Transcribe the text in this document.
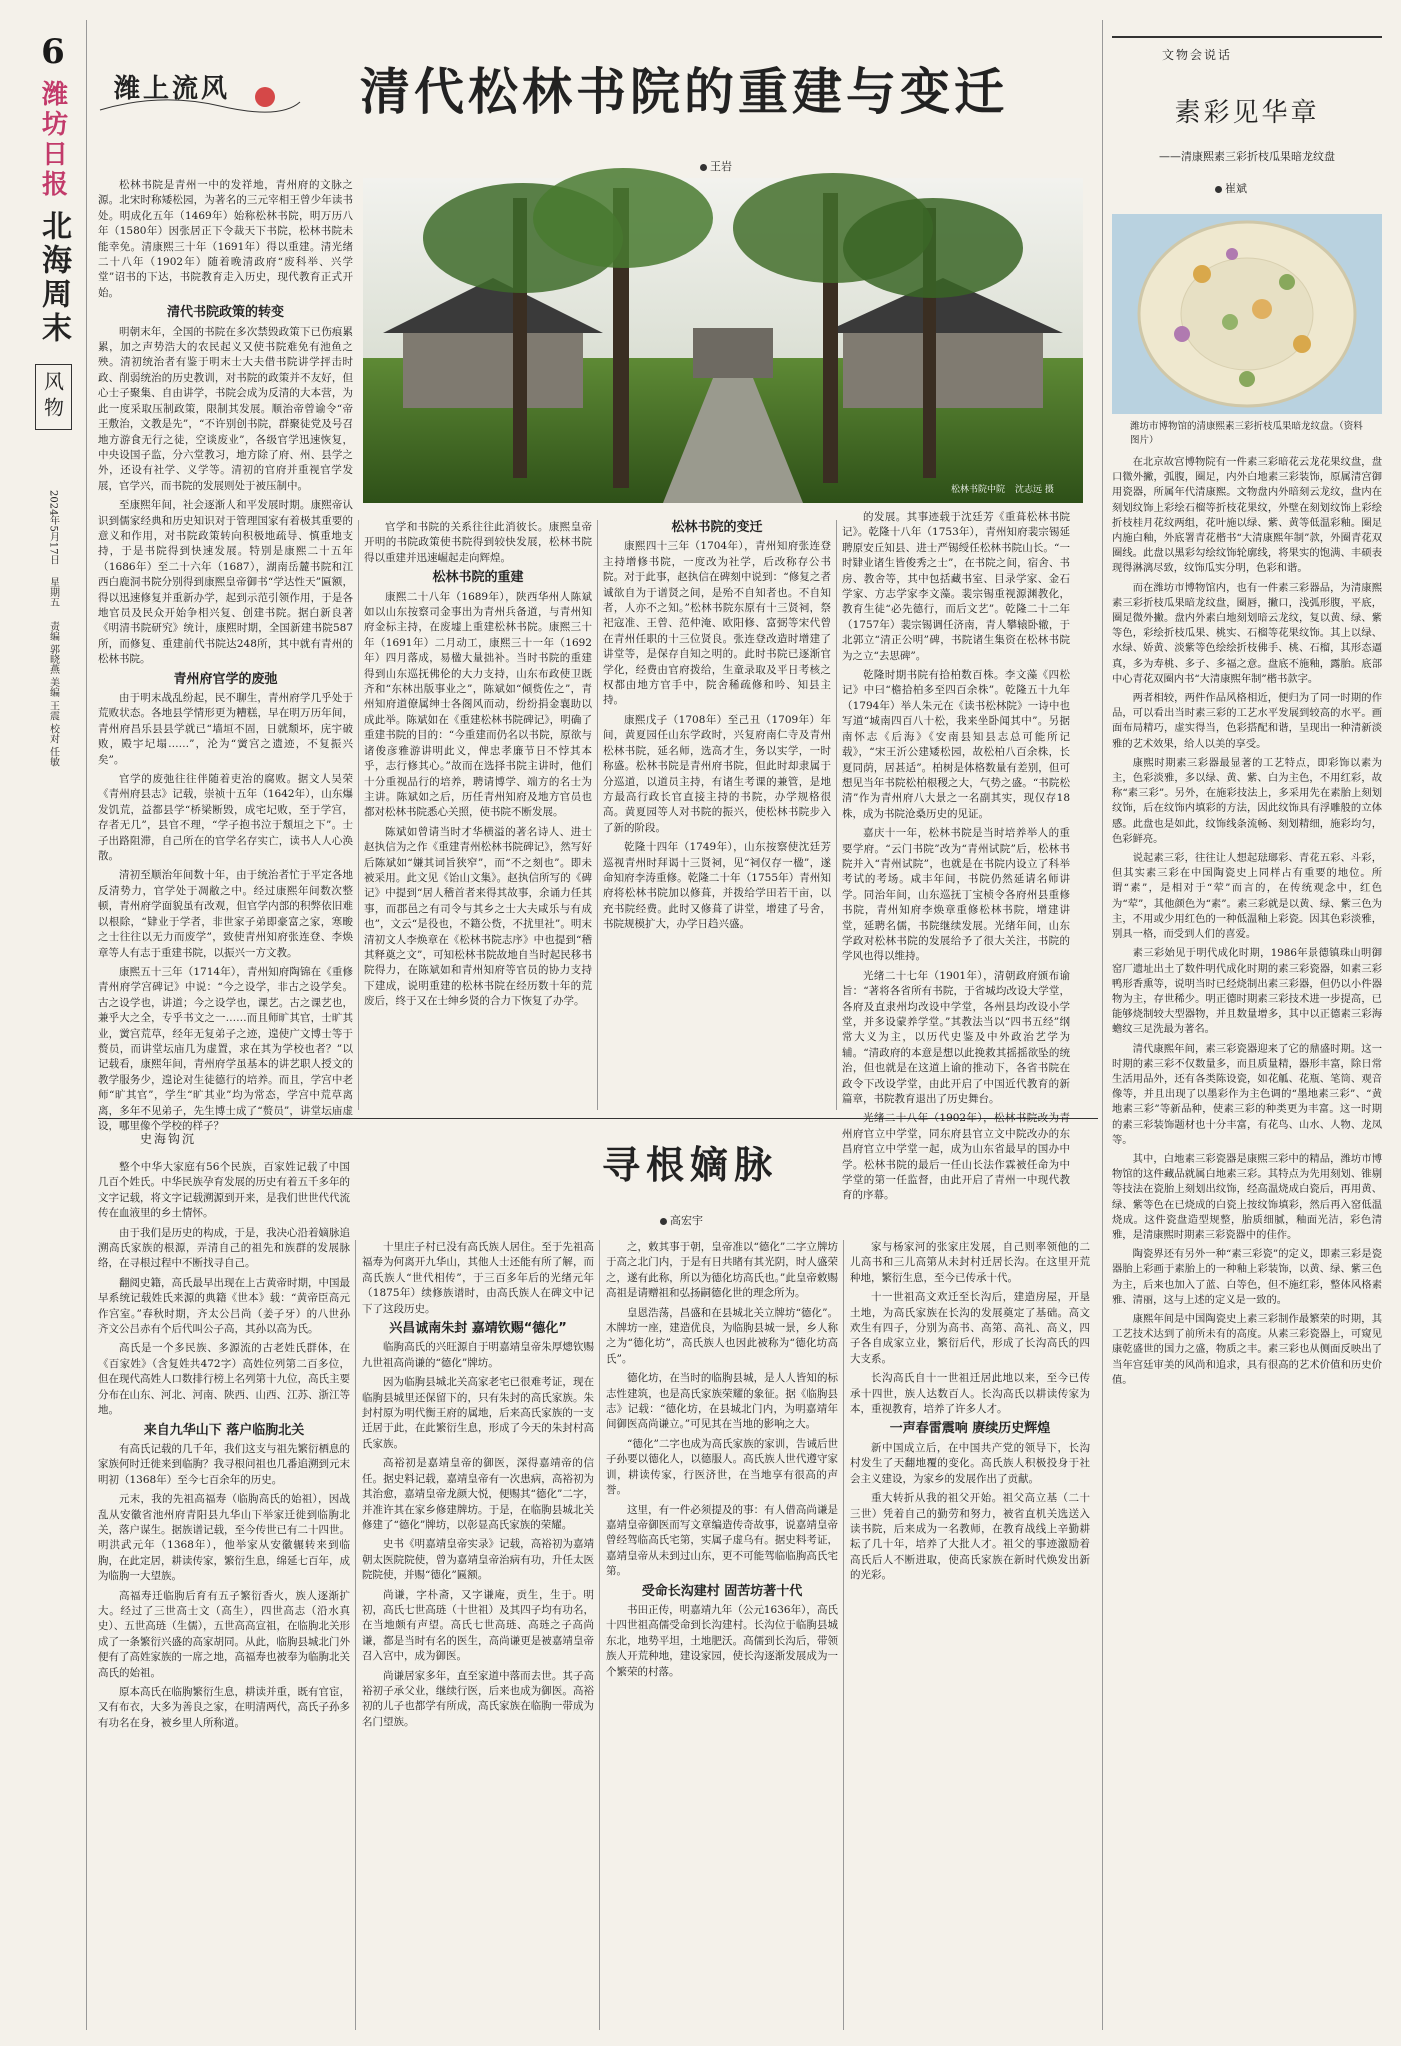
6
潍坊日报
北海周末
风物
2024年5月17日
星期五
责编 郭晓燕 美编 王震 校对 任敏
潍上流风	清代松林书院的重建与变迁
王岩
松林书院中院 沈志远 摄

松林书院是青州一中的发祥地，青州府的文脉之源。北宋时称矮松园，为著名的三元宰相王曾少年读书处。明成化五年（1469年）始称松林书院，明万历八年（1580年）因张居正下令裁天下书院，松林书院未能幸免。清康熙三十年（1691年）得以重建。清光绪二十八年（1902年）随着晚清政府“废科举、兴学堂”诏书的下达，书院教育走入历史，现代教育正式开始。

清代书院政策的转变

明朝末年，全国的书院在多次禁毁政策下已伤痕累累，加之声势浩大的农民起义又使书院难免有池鱼之殃。清初统治者有鉴于明末士大夫借书院讲学抨击时政、削弱统治的历史教训，对书院的政策并不友好，但心士子聚集、自由讲学，书院会成为反清的大本营，为此一度采取压制政策，限制其发展。顺治帝曾谕令“帝王敷治，文教是先”，“不许别创书院，群聚徒党及号召地方游食无行之徒，空谈废业”，各级官学迅速恢复，中央设国子监，分六堂教习，地方除了府、州、县学之外，还设有社学、义学等。清初的官府并重视官学发展，官学兴，而书院的发展则处于被压制中。

至康熙年间，社会逐渐人和平发展时期。康熙帝认识到儒家经典和历史知识对于管理国家有着极其重要的意义和作用，对书院政策转向积极地疏导、慎重地支持，于是书院得到快速发展。特别是康熙二十五年（1686年）至二十六年（1687），湖南岳麓书院和江西白鹿洞书院分别得到康熙皇帝御书“学达性天”匾额，得以迅速修复并重新办学，起到示范引领作用，于是各地官员及民众开始争相兴复、创建书院。据白新良著《明清书院研究》统计，康熙时期，全国新建书院587所，而修复、重建前代书院达248所，其中就有青州的松林书院。

青州府官学的废弛

由于明末战乱纷起，民不聊生，青州府学几乎处于荒败状态。各地县学情形更为糟糕，早在明万历年间，青州府昌乐县县学就已“墙垣不固，日就颓坏，庑宇破败，殿宇圮塌……”，沦为“黉宫之遗迹，不复振兴矣”。

官学的废弛往往伴随着吏治的腐败。据文人吴荣《青州府县志》记载，崇祯十五年（1642年），山东爆发饥荒，益都县学“桥梁断毁，成宅圮败，至于学宫，存者无几”，县官不理，“学子抱书泣于颓垣之下”。士子出路阻滞，自己所在的官学名存实亡，读书人人心涣散。

清初至顺治年间数十年，由于统治者忙于平定各地反清势力，官学处于凋敝之中。经过康熙年间数次整顿，青州府学面貌虽有改观，但官学内部的积弊依旧难以根除，“肄业于学者，非世家子弟即豪富之家，寒畯之士往往以无力而废学”，致使青州知府张连登、李焕章等人有志于重建书院，以振兴一方文教。

康熙五十三年（1714年），青州知府陶锦在《重修青州府学宫碑记》中说：“今之设学，非古之设学矣。古之设学也，讲道；今之设学也，课艺。古之课艺也，兼乎大之全，专乎书文之一……而且师旷其官，士旷其业，黉宫荒草，经年无复弟子之迹，遑使广文博士等于赘员，而讲堂坛庙几为虚置，求在其为学校也者？”以记载看，康熙年间，青州府学虽基本的讲艺职人授文的教学服务少，遑论对生徒德行的培养。而且，学宫中老师“旷其官”，学生“旷其业”均为常态，学宫中荒草离离，多年不见弟子，先生博士成了“赘员”，讲堂坛庙虚设，哪里像个学校的样子？

官学和书院的关系往往此消彼长。康熙皇帝开明的书院政策使书院得到较快发展，松林书院得以重建并迅速崛起走向辉煌。

松林书院的重建

康熙二十八年（1689年），陕西华州人陈斌如以山东按察司金事出为青州兵备道，与青州知府金标主持，在废墟上重建松林书院。康熙三十年（1691年）二月动工，康熙三十一年（1692年）四月落成，易楹大量拙补。当时书院的重建得到山东巡抚佛伦的大力支持，山东布政使卫既齐和“东林出版事业之”，陈斌如“倾赀佐之”，青州知府道僚属绅士各阁风而动，纷纷捐金襄助以成此举。陈斌如在《重建松林书院碑记》，明确了重建书院的目的：“今重建而仍名以书院，原欲与诸俊彦雅游讲明此义，俾忠孝廉节日不悖其本乎，志行修其心。”故而在选择书院主讲时，他们十分重视品行的培养，聘请博学、端方的名士为主讲。陈斌如之后，历任青州知府及地方官员也都对松林书院悉心关照，使书院不断发展。

陈斌如曾请当时才华横溢的著名诗人、进士赵执信为之作《重建青州松林书院碑记》，然写好后陈斌如“嫌其词旨狭窄”，而“不之刻也”。即未被采用。此文见《饴山文集》。赵执信所写的《碑记》中提到“居人稽首者来得其故事，余诵力任其事，而郡邑之有司令与其乡之士大夫咸乐与有成也”，文云“是役也，不籍公赀，不扰里社”。明末清初文人李焕章在《松林书院志序》中也提到“稽其释奠之文”，可知松林书院故地自当时起民移书院得力，在陈斌如和青州知府等官员的协力支持下建成，说明重建的松林书院在经历数十年的荒废后，终于又在士绅乡贤的合力下恢复了办学。

松林书院的变迁

康熙四十三年（1704年），青州知府张连登主持增修书院，一度改为社学，后改称存公书院。对于此事，赵执信在碑刻中说到：“修复之者诚欲自为于谱贤之间，是殆不自知者也。不自知者，人亦不之知。”松林书院东原有十三贤祠，祭祀寇准、王曾、范仲淹、欧阳修、富弼等宋代曾在青州任职的十三位贤良。张连登改造时增建了讲堂等，是保存自知之明的。此时书院已逐渐官学化，经费由官府拨给，生童录取及平日考核之权都由地方官手中，院舍稀疏修和吟、知县主持。

康熙戊子（1708年）至己丑（1709年）年间，黄夏园任山东学政时，兴复府南仁寺及青州松林书院，延名师，选高才生，务以实学，一时称盛。松林书院是青州府书院，但此时却隶属于分巡道，以道员主持，有诸生考课的兼管，是地方最高行政长官直接主持的书院，办学规格很高。黄夏园等人对书院的振兴，使松林书院步入了新的阶段。

乾隆十四年（1749年），山东按察使沈廷芳巡视青州时拜谒十三贤祠，见“祠仅存一楹”，遂命知府李涛重修。乾隆二十年（1755年）青州知府将松林书院加以修葺，并拨给学田若干亩，以充书院经费。此时又修葺了讲堂，增建了号舍，书院规模扩大，办学日趋兴盛。

的发展。其事迹载于沈廷芳《重葺松林书院记》。乾隆十八年（1753年），青州知府裴宗锡延聘原安丘知县、进士严锡绶任松林书院山长。“一时肄业诸生皆俊秀之士”，在书院之间，宿舍、书房、教舍等，其中包括藏书室、目录学家、金石学家、方志学家李文藻。裴宗锡重视源渊教化，教育生徒“必先德行，而后文艺”。乾隆二十二年（1757年）裴宗锡调任济南，青人攀辕卧辙，于北郭立“清正公明”碑，书院诸生集资在松林书院为之立“去思碑”。

乾隆时期书院有拾柏数百株。李文藻《四松记》中曰“檐拾柏多至四百余株”。乾隆五十九年（1794年）举人朱元在《读书松林院》一诗中也写道“城南四百八十松，我来坐卧闻其中”。另据南怀志《后海》《安南县知县志总可能所记载》，“宋王沂公建矮松园，故松柏八百余株，长夏同荫，居甚适”。柏树是体格数量有差别，但可想见当年书院松柏根稷之大，气势之盛。“书院松清”作为青州府八大景之一名副其实，现仅存18株，成为书院沧桑历史的见证。

嘉庆十一年，松林书院是当时培养举人的重要学府。“云门书院”改为“青州试院”后，松林书院并入“青州试院”，也就是在书院内设立了科举考试的考场。咸丰年间，书院仍然延请名师讲学。同治年间，山东巡抚丁宝桢令各府州县重修书院，青州知府李焕章重修松林书院，增建讲堂，延聘名儒，书院继续发展。光绪年间，山东学政对松林书院的发展给予了很大关注，书院的学风也得以维持。

光绪二十七年（1901年），清朝政府颁布谕旨：“著将各省所有书院，于省城均改设大学堂，各府及直隶州均改设中学堂，各州县均改设小学堂，并多设蒙养学堂。”其教法当以“四书五经”纲常大义为主，以历代史鉴及中外政治艺学为辅。“清政府的本意是想以此挽救其摇摇欲坠的统治，但也就是在这道上谕的推动下，各省书院在政令下改设学堂，由此开启了中国近代教育的新篇章，书院教育退出了历史舞台。

光绪二十八年（1902年），松林书院改为青州府官立中学堂，同东府县官立文中院改办的东昌府官立中学堂一起，成为山东省最早的国办中学。松林书院的最后一任山长法作霖被任命为中学堂的第一任监督，由此开启了青州一中现代教育的序幕。

文物会说话
素彩见华章
——清康熙素三彩折枝瓜果暗龙纹盘
崔斌
潍坊市博物馆的清康熙素三彩折枝瓜果暗龙纹盘。（资料图片）

在北京故宫博物院有一件素三彩暗花云龙花果纹盘，盘口微外撇，弧腹，圈足，内外白地素三彩装饰，原属清宫御用瓷器，所属年代清康熙。文物盘内外暗刻云龙纹，盘内在刻划纹饰上彩绘石榴等折枝花果纹，外壁在刻划纹饰上彩绘折枝桂月花纹两组，花叶施以绿、紫、黄等低温彩釉。圈足内施白釉，外底署青花楷书“大清康熙年制”款，外圈青花双圈线。此盘以黑彩勾绘纹饰轮廓线，将果实的饱满、丰硕表现得淋漓尽致，纹饰瓜实分明，色彩和谐。

而在潍坊市博物馆内，也有一件素三彩器品，为清康熙素三彩折枝瓜果暗龙纹盘，圈唇，撇口，浅弧形腹，平底，圈足微外撇。盘内外素白地刻划暗云龙纹，复以黄、绿、紫等色，彩绘折枝瓜果、桃实、石榴等花果纹饰。其上以绿、水绿、娇黄、淡紫等色绘绘折枝佛手、桃、石榴，其形态逼真，多为寿桃、多子、多福之意。盘底不施釉，露胎。底部中心青花双圈内书“大清康熙年制”楷书款字。

两者相较，两件作品风格相近，便归为了同一时期的作品，可以看出当时素三彩的工艺水平发展到较高的水平。画面布局精巧，虚实得当，色彩搭配和谐，呈现出一种清新淡雅的艺术效果，给人以美的享受。

康熙时期素三彩器最显著的工艺特点，即彩饰以素为主，色彩淡雅，多以绿、黄、紫、白为主色，不用红彩，故称“素三彩”。另外，在施彩技法上，多采用先在素胎上刻划纹饰，后在纹饰内填彩的方法，因此纹饰具有浮雕般的立体感。此盘也是如此，纹饰线条流畅、刻划精细，施彩均匀，色彩鲜亮。

说起素三彩，往往让人想起琺瑯彩、青花五彩、斗彩，但其实素三彩在中国陶瓷史上同样占有重要的地位。所谓“素”，是相对于“荤”而言的，在传统观念中，红色为“荤”，其他颜色为“素”。素三彩就是以黄、绿、紫三色为主，不用或少用红色的一种低温釉上彩瓷。因其色彩淡雅，别具一格，而受到人们的喜爱。

素三彩始见于明代成化时期，1986年景德镇珠山明御窑厂遗址出土了数件明代成化时期的素三彩瓷器，如素三彩鸭形香熏等，说明当时已经烧制出素三彩器，但仍以小件器物为主，存世稀少。明正德时期素三彩技术进一步提高，已能够烧制较大型器物，并且数量增多，其中以正德素三彩海蟾纹三足洗最为著名。

清代康熙年间，素三彩瓷器迎来了它的鼎盛时期。这一时期的素三彩不仅数量多，而且质量精，器形丰富，除日常生活用品外，还有各类陈设瓷，如花觚、花瓶、笔筒、观音像等，并且出现了以墨彩作为主色调的“墨地素三彩”、“黄地素三彩”等新品种，使素三彩的种类更为丰富。这一时期的素三彩装饰题材也十分丰富，有花鸟、山水、人物、龙凤等。

其中，白地素三彩瓷器是康熙三彩中的精品，潍坊市博物馆的这件藏品就属白地素三彩。其特点为先用刻划、锥剔等技法在瓷胎上刻划出纹饰，经高温烧成白瓷后，再用黄、绿、紫等色在已烧成的白瓷上按纹饰填彩，然后再入窑低温烧成。这件瓷盘造型规整，胎质细腻，釉面光洁，彩色清雅，是清康熙时期素三彩瓷器中的佳作。

陶瓷界还有另外一种“素三彩瓷”的定义，即素三彩是瓷器胎上彩画于素胎上的一种釉上彩装饰，以黄、绿、紫三色为主，后来也加入了蓝、白等色，但不施红彩，整体风格素雅、清丽，这与上述的定义是一致的。

康熙年间是中国陶瓷史上素三彩制作最繁荣的时期，其工艺技术达到了前所未有的高度。从素三彩瓷器上，可窥见康乾盛世的国力之盛，物质之丰。素三彩也从侧面反映出了当年宫廷审美的风尚和追求，具有很高的艺术价值和历史价值。

史海钩沉
寻根嫡脉
高宏宇

整个中华大家庭有56个民族，百家姓记载了中国几百个姓氏。中华民族孕育发展的历史有着五千多年的文字记载，将文字记载溯源到开来，是我们世世代代流传在血液里的乡土情怀。

由于我们是历史的构成，于是，我决心沿着嫡脉追溯高氏家族的根源，弄清自己的祖先和族群的发展脉络，在寻根过程中不断找寻自己。

翻阅史籍，高氏最早出现在上古黄帝时期，中国最早系统记载姓氏来源的典籍《世本》载：“黄帝臣高元作宫室。”春秋时期，齐太公吕尚（姜子牙）的八世孙齐文公吕赤有个后代叫公子高，其孙以高为氏。

高氏是一个多民族、多源流的古老姓氏群体，在《百家姓》（含复姓共472字）高姓位列第二百多位，但在现代高姓人口数排行榜上名列第十九位，高氏主要分布在山东、河北、河南、陕西、山西、江苏、浙江等地。

来自九华山下 落户临朐北关

有高氏记载的几千年，我们这支与祖先繁衍栖息的家族何时迁徙来到临朐？我寻根问祖也几番追溯到元末明初（1368年）至今七百余年的历史。

元末，我的先祖高福寿（临朐高氏的始祖），因战乱从安徽省池州府青阳县九华山下举家迁徙到临朐北关，落户谋生。据族谱记载，至今传世已有二十四世。明洪武元年（1368年），他举家从安徽辗转来到临朐，在此定居，耕读传家，繁衍生息，绵延七百年，成为临朐一大望族。

高福寿迁临朐后育有五子繁衍香火，族人逐渐扩大。经过了三世高士文（高生），四世高志（沿水真史）、五世高琏（生儒），五世高高宣祖，在临朐北关形成了一条繁衍兴盛的高家胡同。从此，临朐县城北门外便有了高姓家族的一席之地，高福寿也被奉为临朐北关高氏的始祖。

原本高氏在临朐繁衍生息，耕读并重，既有官宦，又有布衣，大多为善良之家，在明清两代，高氏子孙多有功名在身，被乡里人所称道。

十里庄子村已没有高氏族人居住。至于先祖高福寿为何离开九华山，其他人士还能有所了解，而高氏族人“世代相传”，于三百多年后的光绪元年（1875年）续修族谱时，由高氏族人在碑文中记下了这段历史。

兴昌诚南朱封 嘉靖钦赐“德化”

临朐高氏的兴旺源自于明嘉靖皇帝朱厚熜钦赐九世祖高尚谦的“德化”牌坊。

因为临朐县城北关高家老宅已很难考证，现在临朐县城里还保留下的，只有朱封的高氏家族。朱封村原为明代衡王府的属地，后来高氏家族的一支迁居于此，在此繁衍生息，形成了今天的朱封村高氏家族。

高裕初是嘉靖皇帝的御医，深得嘉靖帝的信任。据史料记载，嘉靖皇帝有一次患病，高裕初为其治愈，嘉靖皇帝龙颜大悦，便赐其“德化”二字，并准许其在家乡修建牌坊。于是，在临朐县城北关修建了“德化”牌坊，以彰显高氏家族的荣耀。

史书《明嘉靖皇帝实录》记载，高裕初为嘉靖朝太医院院使，曾为嘉靖皇帝治病有功，升任太医院院使，并赐“德化”匾额。

尚谦，字朴斋，又字谦庵，贡生，生于。明初，高氏七世高琏（十世祖）及其四子均有功名，在当地颇有声望。高氏七世高琏、高琏之子高尚谦，都是当时有名的医生，高尚谦更是被嘉靖皇帝召入宫中，成为御医。

尚谦居家多年，直至家道中落而去世。其子高裕初子承父业，继续行医，后来也成为御医。高裕初的儿子也都学有所成，高氏家族在临朐一带成为名门望族。

之，敕其事于朝，皇帝准以“德化”二字立牌坊于高之北门内，于是有日共睹有其光阴，时人盛荣之，遂有此称，所以为德化坊高氏也。”此皇帝敕赐高祖是请赠祖和弘扬嗣德化世的理念所为。

皇恩浩荡，昌盛和在县城北关立牌坊“德化”。木牌坊一座，建造优良，为临朐县城一景，乡人称之为“德化坊”，高氏族人也因此被称为“德化坊高氏”。

德化坊，在当时的临朐县城，是人人皆知的标志性建筑，也是高氏家族荣耀的象征。据《临朐县志》记载：“德化坊，在县城北门内，为明嘉靖年间御医高尚谦立。”可见其在当地的影响之大。

“德化”二字也成为高氏家族的家训，告诫后世子孙要以德化人，以德服人。高氏族人世代遵守家训，耕读传家，行医济世，在当地享有很高的声誉。

这里，有一件必须提及的事：有人借高尚谦是嘉靖皇帝御医而写文章编造传奇故事，说嘉靖皇帝曾经驾临高氏宅第，实属子虚乌有。据史料考证，嘉靖皇帝从未到过山东，更不可能驾临临朐高氏宅第。

受命长沟建村 固苦坊著十代

书田正传，明嘉靖九年（公元1636年），高氏十四世祖高儒受命到长沟建村。长沟位于临朐县城东北，地势平坦，土地肥沃。高儒到长沟后，带领族人开荒种地，建设家园，使长沟逐渐发展成为一个繁荣的村落。

家与杨家河的张家庄发展，自己则率领他的二儿高书和三儿高第从未封村迁居长沟。在这里开荒种地，繁衍生息，至今已传承十代。

十一世祖高文欢迁至长沟后，建造房屋，开垦土地，为高氏家族在长沟的发展奠定了基础。高文欢生有四子，分别为高书、高第、高礼、高义，四子各自成家立业，繁衍后代，形成了长沟高氏的四大支系。

长沟高氏自十一世祖迁居此地以来，至今已传承十四世，族人达数百人。长沟高氏以耕读传家为本，重视教育，培养了许多人才。

一声春雷震响 赓续历史辉煌

新中国成立后，在中国共产党的领导下，长沟村发生了天翻地覆的变化。高氏族人积极投身于社会主义建设，为家乡的发展作出了贡献。

重大转折从我的祖父开始。祖父高立基（二十三世）凭着自己的勤劳和努力，被省直机关选送入读书院，后来成为一名教师，在教育战线上辛勤耕耘了几十年，培养了大批人才。祖父的事迹激励着高氏后人不断进取，使高氏家族在新时代焕发出新的光彩。
